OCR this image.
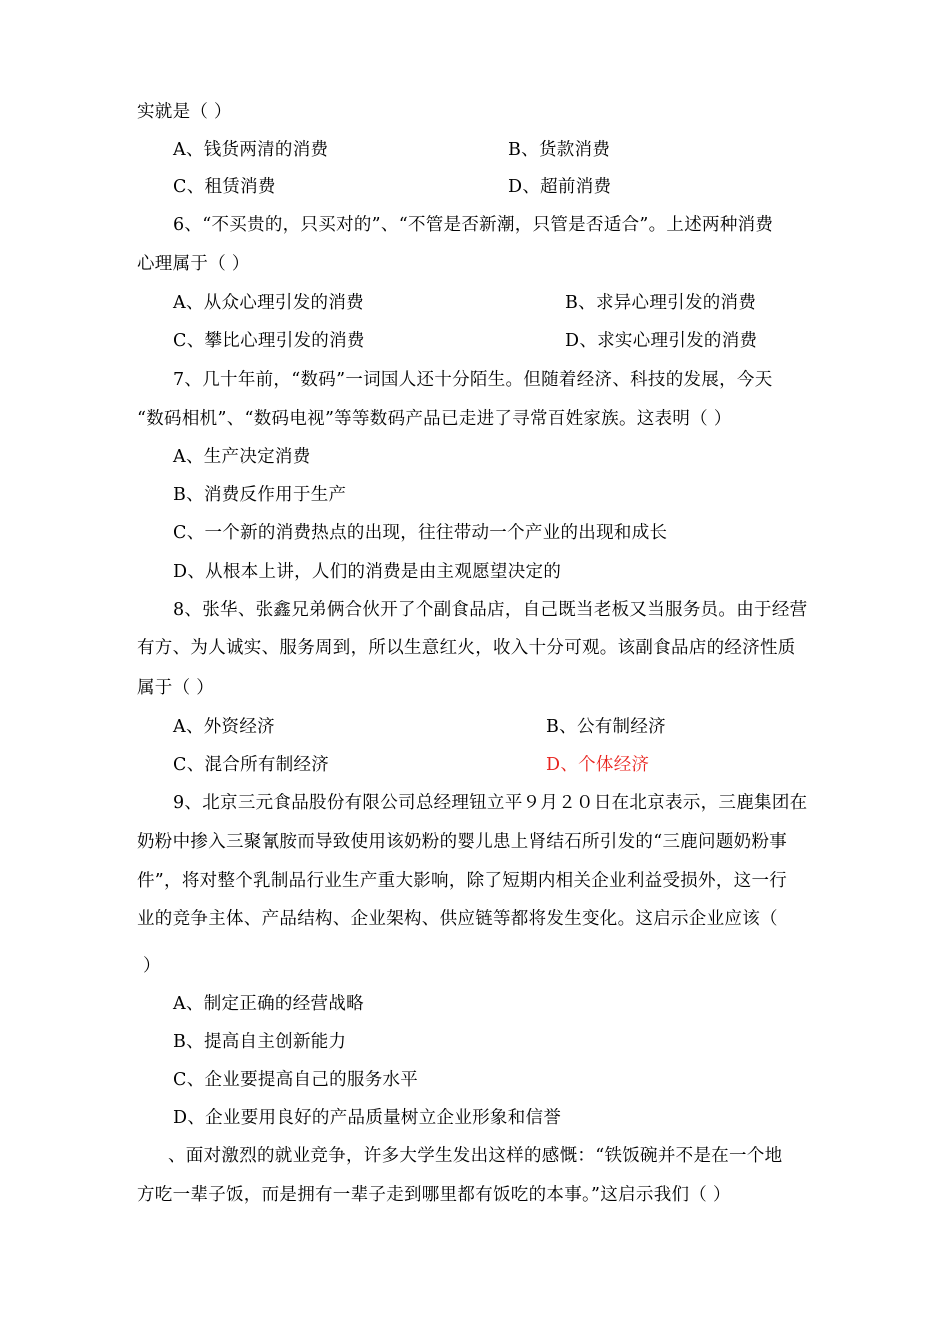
实就是（ ）
A、钱货两清的消费	B、货款消费
C、租赁消费	D、超前消费
6、“不买贵的，只买对的”、“不管是否新潮，只管是否适合”。上述两种消费
心理属于（ ）
A、从众心理引发的消费	B、求异心理引发的消费
C、攀比心理引发的消费	D、求实心理引发的消费
7、几十年前，“数码”一词国人还十分陌生。但随着经济、科技的发展，今天
“数码相机”、“数码电视”等等数码产品已走进了寻常百姓家族。这表明（ ）
A、生产决定消费
B、消费反作用于生产
C、一个新的消费热点的出现，往往带动一个产业的出现和成长
D、从根本上讲，人们的消费是由主观愿望决定的
8、张华、张鑫兄弟俩合伙开了个副食品店，自己既当老板又当服务员。由于经营
有方、为人诚实、服务周到，所以生意红火，收入十分可观。该副食品店的经济性质
属于（ ）
A、外资经济	B、公有制经济
C、混合所有制经济	D、个体经济
9、北京三元食品股份有限公司总经理钮立平９月２０日在北京表示，三鹿集团在
奶粉中掺入三聚氰胺而导致使用该奶粉的婴儿患上肾结石所引发的“三鹿问题奶粉事
件”，将对整个乳制品行业生产重大影响，除了短期内相关企业利益受损外，这一行
业的竞争主体、产品结构、企业架构、供应链等都将发生变化。这启示企业应该（
）
A、制定正确的经营战略
B、提高自主创新能力
C、企业要提高自己的服务水平
D、企业要用良好的产品质量树立企业形象和信誉
、面对激烈的就业竞争，许多大学生发出这样的感慨：“铁饭碗并不是在一个地
方吃一辈子饭，而是拥有一辈子走到哪里都有饭吃的本事。”这启示我们（ ）
